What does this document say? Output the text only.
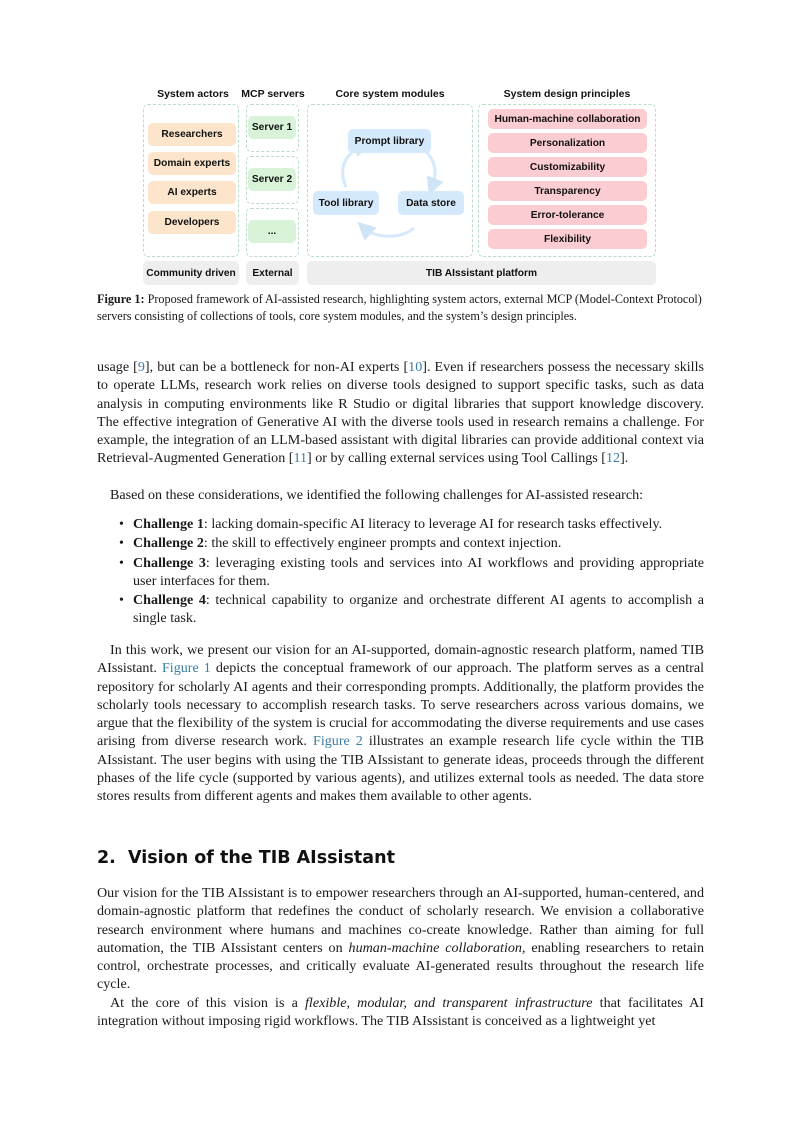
System actors	MCP servers	Core system modules	System design principles
Researchers
Domain experts
AI experts
Developers
Server 1
Server 2
...
Prompt library
Tool library	Data store
Human-machine collaboration
Personalization
Customizability
Transparency
Error-tolerance
Flexibility
Community driven	External	TIB AIssistant platform
Figure 1: Proposed framework of AI-assisted research, highlighting system actors, external MCP (Model-Context Protocol) servers consisting of collections of tools, core system modules, and the system’s design principles.

usage [9], but can be a bottleneck for non-AI experts [10]. Even if researchers possess the necessary skills to operate LLMs, research work relies on diverse tools designed to support specific tasks, such as data analysis in computing environments like R Studio or digital libraries that support knowledge discovery. The effective integration of Generative AI with the diverse tools used in research remains a challenge. For example, the integration of an LLM-based assistant with digital libraries can provide additional context via Retrieval-Augmented Generation [11] or by calling external services using Tool Callings [12].

Based on these considerations, we identified the following challenges for AI-assisted research:

• Challenge 1: lacking domain-specific AI literacy to leverage AI for research tasks effectively.
• Challenge 2: the skill to effectively engineer prompts and context injection.
• Challenge 3: leveraging existing tools and services into AI workflows and providing appropriate user interfaces for them.
• Challenge 4: technical capability to organize and orchestrate different AI agents to accomplish a single task.

In this work, we present our vision for an AI-supported, domain-agnostic research platform, named TIB AIssistant. Figure 1 depicts the conceptual framework of our approach. The platform serves as a central repository for scholarly AI agents and their corresponding prompts. Additionally, the platform provides the scholarly tools necessary to accomplish research tasks. To serve researchers across various domains, we argue that the flexibility of the system is crucial for accommodating the diverse requirements and use cases arising from diverse research work. Figure 2 illustrates an example research life cycle within the TIB AIssistant. The user begins with using the TIB AIssistant to generate ideas, proceeds through the different phases of the life cycle (supported by various agents), and utilizes external tools as needed. The data store stores results from different agents and makes them available to other agents.

2. Vision of the TIB AIssistant

Our vision for the TIB AIssistant is to empower researchers through an AI-supported, human-centered, and domain-agnostic platform that redefines the conduct of scholarly research. We envision a collaborative research environment where humans and machines co-create knowledge. Rather than aiming for full automation, the TIB AIssistant centers on human-machine collaboration, enabling researchers to retain control, orchestrate processes, and critically evaluate AI-generated results throughout the research life cycle.

At the core of this vision is a flexible, modular, and transparent infrastructure that facilitates AI integration without imposing rigid workflows. The TIB AIssistant is conceived as a lightweight yet
